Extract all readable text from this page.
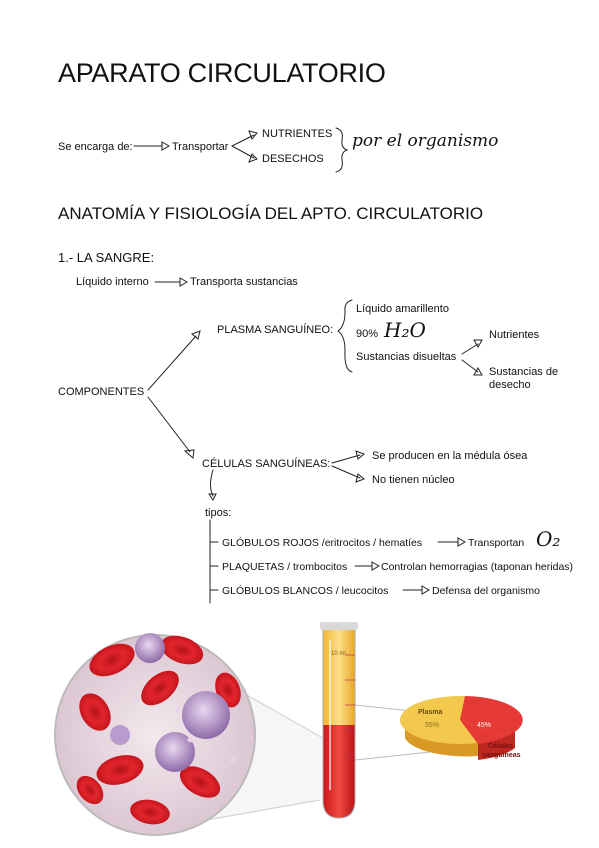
APARATO CIRCULATORIO
Se encarga de:	Transportar
NUTRIENTES
DESECHOS
por el organismo
ANATOMÍA Y FISIOLOGÍA DEL APTO. CIRCULATORIO
1.- LA SANGRE:
Líquido interno	Transporta sustancias
COMPONENTES
PLASMA SANGUÍNEO:
Líquido amarillento
90% H₂O
Sustancias disueltas
Nutrientes
Sustancias de
desecho
CÉLULAS SANGUÍNEAS:
Se producen en la médula ósea
No tienen núcleo
tipos:
GLÓBULOS ROJOS /eritrocitos / hematíes	Transportan O₂
PLAQUETAS / trombocitos	Controlan hemorragias (taponan heridas)
GLÓBULOS BLANCOS / leucocitos	Defensa del organismo
10 ml
Plasma
55%	45%
Células
sanguíneas
